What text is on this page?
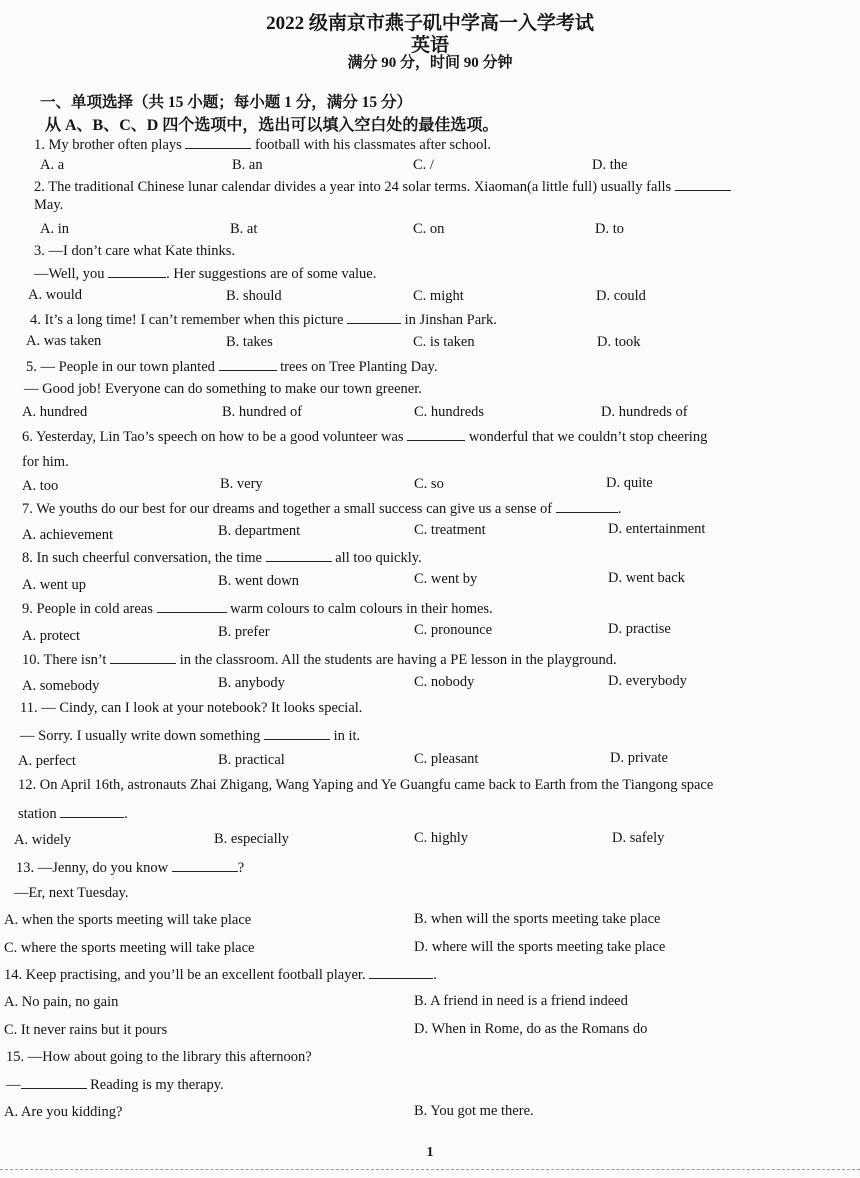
2022 级南京市燕子矶中学高一入学考试
英语
满分 90 分，时间 90 分钟
一、单项选择（共 15 小题；每小题 1 分，满分 15 分）
从 A、B、C、D 四个选项中，选出可以填入空白处的最佳选项。
1. My brother often plays	football with his classmates after school.
A. a	B. an	C. /	D. the
2. The traditional Chinese lunar calendar divides a year into 24 solar terms. Xiaoman(a little full) usually falls
May.
A. in	B. at	C. on	D. to
3. —I don’t care what Kate thinks.
—Well, you	. Her suggestions are of some value.
A. would	B. should	C. might	D. could
4. It’s a long time! I can’t remember when this picture	in Jinshan Park.
A. was taken	B. takes	C. is taken	D. took
5. — People in our town planted	trees on Tree Planting Day.
— Good job! Everyone can do something to make our town greener.
A. hundred	B. hundred of	C. hundreds	D. hundreds of
6. Yesterday, Lin Tao’s speech on how to be a good volunteer was	wonderful that we couldn’t stop cheering
for him.
A. too	B. very	C. so	D. quite
7. We youths do our best for our dreams and together a small success can give us a sense of	.
A. achievement	B. department	C. treatment	D. entertainment
8. In such cheerful conversation, the time	all too quickly.
A. went up	B. went down	C. went by	D. went back
9. People in cold areas	warm colours to calm colours in their homes.
A. protect	B. prefer	C. pronounce	D. practise
10. There isn’t	in the classroom. All the students are having a PE lesson in the playground.
A. somebody	B. anybody	C. nobody	D. everybody
11. — Cindy, can I look at your notebook? It looks special.
— Sorry. I usually write down something	in it.
A. perfect	B. practical	C. pleasant	D. private
12. On April 16th, astronauts Zhai Zhigang, Wang Yaping and Ye Guangfu came back to Earth from the Tiangong space
station	.
A. widely	B. especially	C. highly	D. safely
13. —Jenny, do you know	?
—Er, next Tuesday.
A. when the sports meeting will take place	B. when will the sports meeting take place
C. where the sports meeting will take place	D. where will the sports meeting take place
14. Keep practising, and you’ll be an excellent football player.	.
A. No pain, no gain	B. A friend in need is a friend indeed
C. It never rains but it pours	D. When in Rome, do as the Romans do
15. —How about going to the library this afternoon?
—	Reading is my therapy.
A. Are you kidding?	B. You got me there.
1
